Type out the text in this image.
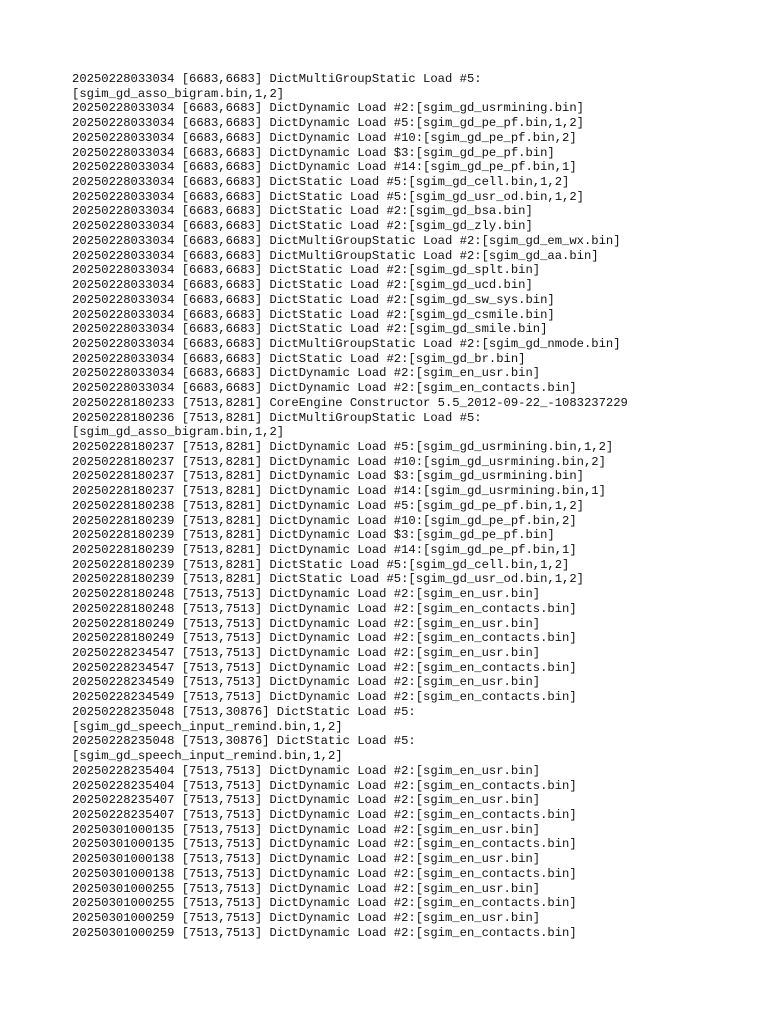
20250228033034 [6683,6683] DictMultiGroupStatic Load #5:
[sgim_gd_asso_bigram.bin,1,2]
20250228033034 [6683,6683] DictDynamic Load #2:[sgim_gd_usrmining.bin]
20250228033034 [6683,6683] DictDynamic Load #5:[sgim_gd_pe_pf.bin,1,2]
20250228033034 [6683,6683] DictDynamic Load #10:[sgim_gd_pe_pf.bin,2]
20250228033034 [6683,6683] DictDynamic Load $3:[sgim_gd_pe_pf.bin]
20250228033034 [6683,6683] DictDynamic Load #14:[sgim_gd_pe_pf.bin,1]
20250228033034 [6683,6683] DictStatic Load #5:[sgim_gd_cell.bin,1,2]
20250228033034 [6683,6683] DictStatic Load #5:[sgim_gd_usr_od.bin,1,2]
20250228033034 [6683,6683] DictStatic Load #2:[sgim_gd_bsa.bin]
20250228033034 [6683,6683] DictStatic Load #2:[sgim_gd_zly.bin]
20250228033034 [6683,6683] DictMultiGroupStatic Load #2:[sgim_gd_em_wx.bin]
20250228033034 [6683,6683] DictMultiGroupStatic Load #2:[sgim_gd_aa.bin]
20250228033034 [6683,6683] DictStatic Load #2:[sgim_gd_splt.bin]
20250228033034 [6683,6683] DictStatic Load #2:[sgim_gd_ucd.bin]
20250228033034 [6683,6683] DictStatic Load #2:[sgim_gd_sw_sys.bin]
20250228033034 [6683,6683] DictStatic Load #2:[sgim_gd_csmile.bin]
20250228033034 [6683,6683] DictStatic Load #2:[sgim_gd_smile.bin]
20250228033034 [6683,6683] DictMultiGroupStatic Load #2:[sgim_gd_nmode.bin]
20250228033034 [6683,6683] DictStatic Load #2:[sgim_gd_br.bin]
20250228033034 [6683,6683] DictDynamic Load #2:[sgim_en_usr.bin]
20250228033034 [6683,6683] DictDynamic Load #2:[sgim_en_contacts.bin]
20250228180233 [7513,8281] CoreEngine Constructor 5.5_2012-09-22_-1083237229
20250228180236 [7513,8281] DictMultiGroupStatic Load #5:
[sgim_gd_asso_bigram.bin,1,2]
20250228180237 [7513,8281] DictDynamic Load #5:[sgim_gd_usrmining.bin,1,2]
20250228180237 [7513,8281] DictDynamic Load #10:[sgim_gd_usrmining.bin,2]
20250228180237 [7513,8281] DictDynamic Load $3:[sgim_gd_usrmining.bin]
20250228180237 [7513,8281] DictDynamic Load #14:[sgim_gd_usrmining.bin,1]
20250228180238 [7513,8281] DictDynamic Load #5:[sgim_gd_pe_pf.bin,1,2]
20250228180239 [7513,8281] DictDynamic Load #10:[sgim_gd_pe_pf.bin,2]
20250228180239 [7513,8281] DictDynamic Load $3:[sgim_gd_pe_pf.bin]
20250228180239 [7513,8281] DictDynamic Load #14:[sgim_gd_pe_pf.bin,1]
20250228180239 [7513,8281] DictStatic Load #5:[sgim_gd_cell.bin,1,2]
20250228180239 [7513,8281] DictStatic Load #5:[sgim_gd_usr_od.bin,1,2]
20250228180248 [7513,7513] DictDynamic Load #2:[sgim_en_usr.bin]
20250228180248 [7513,7513] DictDynamic Load #2:[sgim_en_contacts.bin]
20250228180249 [7513,7513] DictDynamic Load #2:[sgim_en_usr.bin]
20250228180249 [7513,7513] DictDynamic Load #2:[sgim_en_contacts.bin]
20250228234547 [7513,7513] DictDynamic Load #2:[sgim_en_usr.bin]
20250228234547 [7513,7513] DictDynamic Load #2:[sgim_en_contacts.bin]
20250228234549 [7513,7513] DictDynamic Load #2:[sgim_en_usr.bin]
20250228234549 [7513,7513] DictDynamic Load #2:[sgim_en_contacts.bin]
20250228235048 [7513,30876] DictStatic Load #5:
[sgim_gd_speech_input_remind.bin,1,2]
20250228235048 [7513,30876] DictStatic Load #5:
[sgim_gd_speech_input_remind.bin,1,2]
20250228235404 [7513,7513] DictDynamic Load #2:[sgim_en_usr.bin]
20250228235404 [7513,7513] DictDynamic Load #2:[sgim_en_contacts.bin]
20250228235407 [7513,7513] DictDynamic Load #2:[sgim_en_usr.bin]
20250228235407 [7513,7513] DictDynamic Load #2:[sgim_en_contacts.bin]
20250301000135 [7513,7513] DictDynamic Load #2:[sgim_en_usr.bin]
20250301000135 [7513,7513] DictDynamic Load #2:[sgim_en_contacts.bin]
20250301000138 [7513,7513] DictDynamic Load #2:[sgim_en_usr.bin]
20250301000138 [7513,7513] DictDynamic Load #2:[sgim_en_contacts.bin]
20250301000255 [7513,7513] DictDynamic Load #2:[sgim_en_usr.bin]
20250301000255 [7513,7513] DictDynamic Load #2:[sgim_en_contacts.bin]
20250301000259 [7513,7513] DictDynamic Load #2:[sgim_en_usr.bin]
20250301000259 [7513,7513] DictDynamic Load #2:[sgim_en_contacts.bin]
